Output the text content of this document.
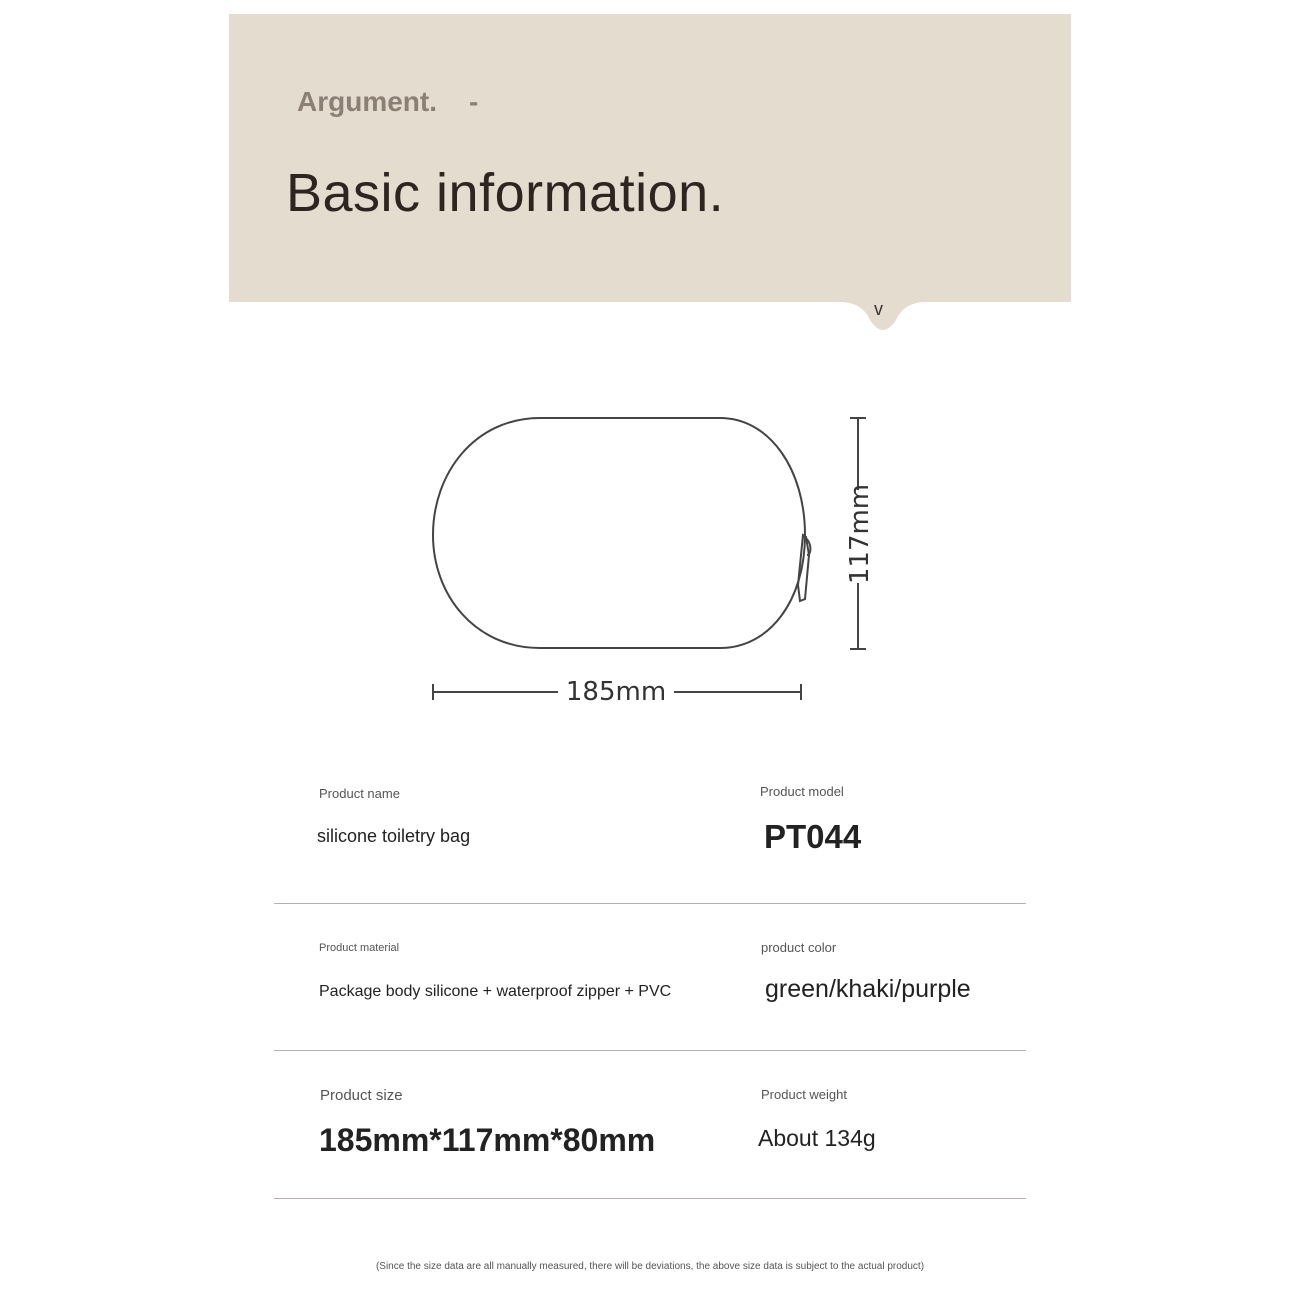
Argument. -
Basic information.
v
117mm
185mm
Product name
silicone toiletry bag
Product model
PT044
Product material
Package body silicone + waterproof zipper + PVC
product color
green/khaki/purple
Product size
185mm*117mm*80mm
Product weight
About 134g
(Since the size data are all manually measured, there will be deviations, the above size data is subject to the actual product)
